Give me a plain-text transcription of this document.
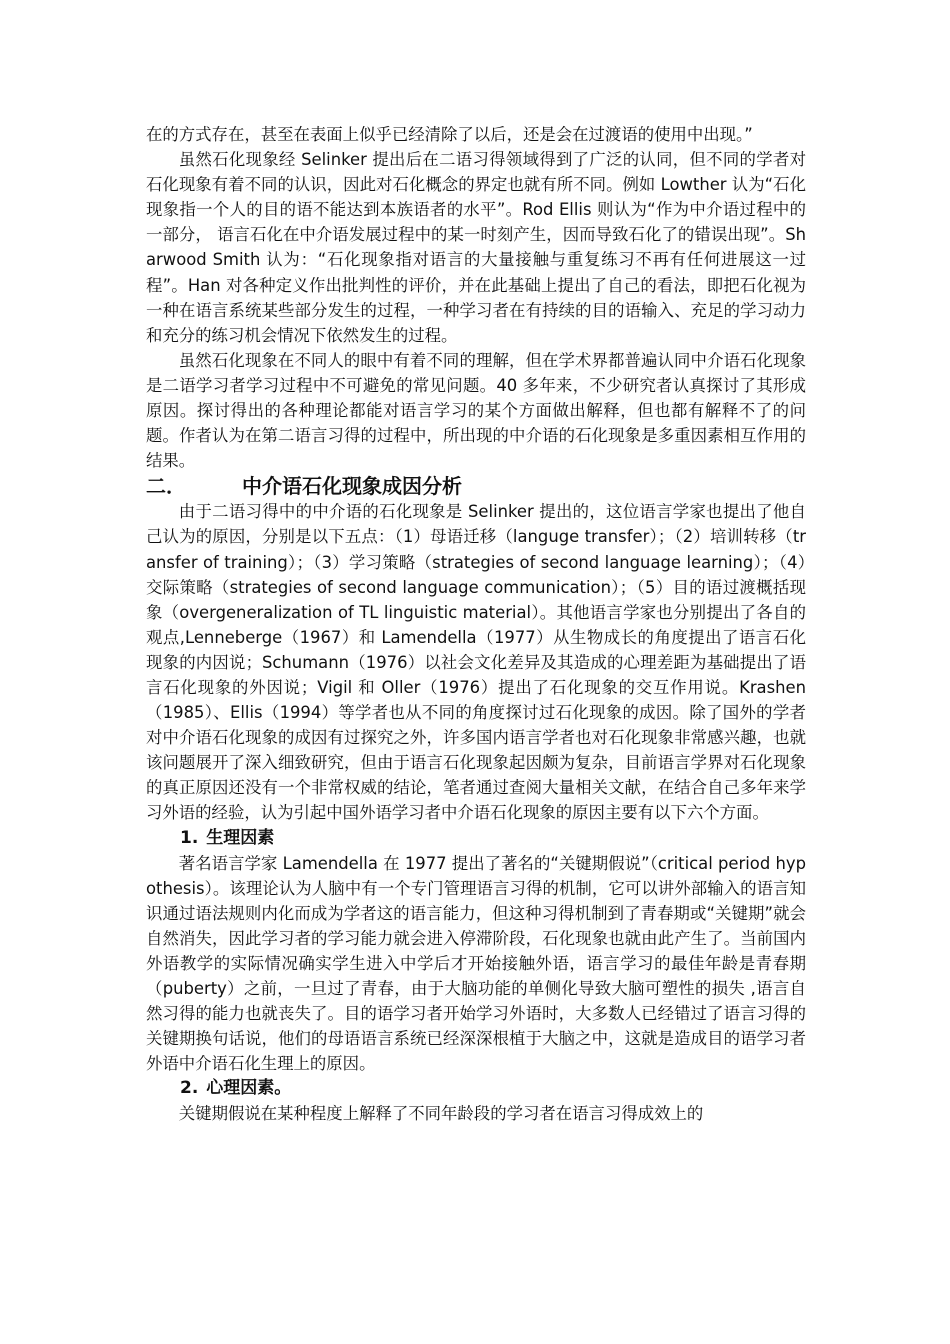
在的方式存在，甚至在表面上似乎已经清除了以后，还是会在过渡语的使用中出现。”

虽然石化现象经 Selinker 提出后在二语习得领域得到了广泛的认同，但不同的学者对石化现象有着不同的认识，因此对石化概念的界定也就有所不同。例如 Lowther 认为“石化现象指一个人的目的语不能达到本族语者的水平”。Rod Ellis 则认为“作为中介语过程中的一部分， 语言石化在中介语发展过程中的某一时刻产生，因而导致石化了的错误出现”。Sharwood Smith 认为：“石化现象指对语言的大量接触与重复练习不再有任何进展这一过程”。Han 对各种定义作出批判性的评价，并在此基础上提出了自己的看法，即把石化视为一种在语言系统某些部分发生的过程，一种学习者在有持续的目的语输入、充足的学习动力和充分的练习机会情况下依然发生的过程。

虽然石化现象在不同人的眼中有着不同的理解，但在学术界都普遍认同中介语石化现象是二语学习者学习过程中不可避免的常见问题。40 多年来，不少研究者认真探讨了其形成原因。探讨得出的各种理论都能对语言学习的某个方面做出解释，但也都有解释不了的问题。作者认为在第二语言习得的过程中，所出现的中介语的石化现象是多重因素相互作用的结果。

二．	中介语石化现象成因分析

由于二语习得中的中介语的石化现象是 Selinker 提出的，这位语言学家也提出了他自己认为的原因，分别是以下五点：（1）母语迁移（languge transfer）；（2）培训转移（transfer of training）；（3）学习策略（strategies of second language learning）；（4）交际策略（strategies of second language communication）；（5）目的语过渡概括现象（overgeneralization of TL linguistic material）。其他语言学家也分别提出了各自的观点,Lenneberge（1967）和 Lamendella（1977）从生物成长的角度提出了语言石化现象的内因说；Schumann（1976）以社会文化差异及其造成的心理差距为基础提出了语言石化现象的外因说；Vigil 和 Oller（1976）提出了石化现象的交互作用说。Krashen（1985）、Ellis（1994）等学者也从不同的角度探讨过石化现象的成因。除了国外的学者对中介语石化现象的成因有过探究之外，许多国内语言学者也对石化现象非常感兴趣，也就该问题展开了深入细致研究，但由于语言石化现象起因颇为复杂，目前语言学界对石化现象的真正原因还没有一个非常权威的结论，笔者通过查阅大量相关文献，在结合自己多年来学习外语的经验，认为引起中国外语学习者中介语石化现象的原因主要有以下六个方面。

1. 生理因素

著名语言学家 Lamendella 在 1977 提出了著名的“关键期假说”（critical period hypothesis）。该理论认为人脑中有一个专门管理语言习得的机制，它可以讲外部输入的语言知识通过语法规则内化而成为学者这的语言能力，但这种习得机制到了青春期或“关键期”就会自然消失，因此学习者的学习能力就会进入停滞阶段，石化现象也就由此产生了。当前国内外语教学的实际情况确实学生进入中学后才开始接触外语，语言学习的最佳年龄是青春期（puberty）之前，一旦过了青春，由于大脑功能的单侧化导致大脑可塑性的损失 ,语言自然习得的能力也就丧失了。目的语学习者开始学习外语时，大多数人已经错过了语言习得的关键期换句话说，他们的母语语言系统已经深深根植于大脑之中，这就是造成目的语学习者外语中介语石化生理上的原因。

2. 心理因素。

关键期假说在某种程度上解释了不同年龄段的学习者在语言习得成效上的
